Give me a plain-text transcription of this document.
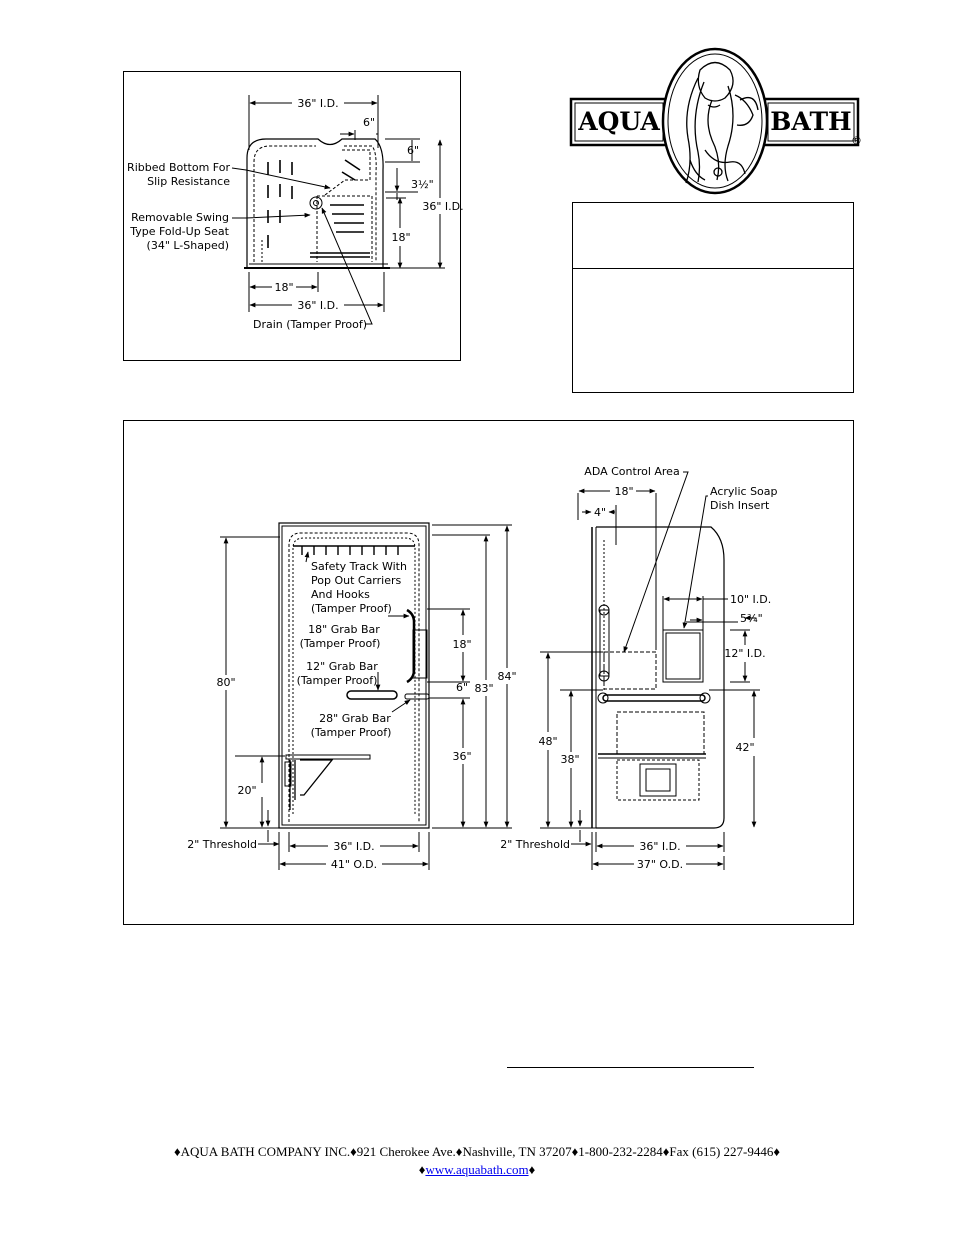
AQUA	BATH
®
36" I.D.
6"
6"
3½"
36" I.D.
18"
18"
36" I.D.
Ribbed Bottom For
Slip Resistance
Removable Swing
Type Fold-Up Seat
(34" L-Shaped)
Drain (Tamper Proof)
Safety Track With
Pop Out Carriers
And Hooks
(Tamper Proof)
18" Grab Bar
(Tamper Proof)
12" Grab Bar
(Tamper Proof)
28" Grab Bar
(Tamper Proof)
80"
20"
18"
6" 83"
84"
36"
2" Threshold	36" I.D.
41" O.D.
ADA Control Area
Acrylic Soap
Dish Insert
18"
4"
10" I.D.
5¾"
12" I.D.
48"
38"
42"
2" Threshold	36" I.D.
37" O.D.
♦AQUA BATH COMPANY INC.♦921 Cherokee Ave.♦Nashville, TN 37207♦1-800-232-2284♦Fax (615) 227-9446♦
♦www.aquabath.com♦
